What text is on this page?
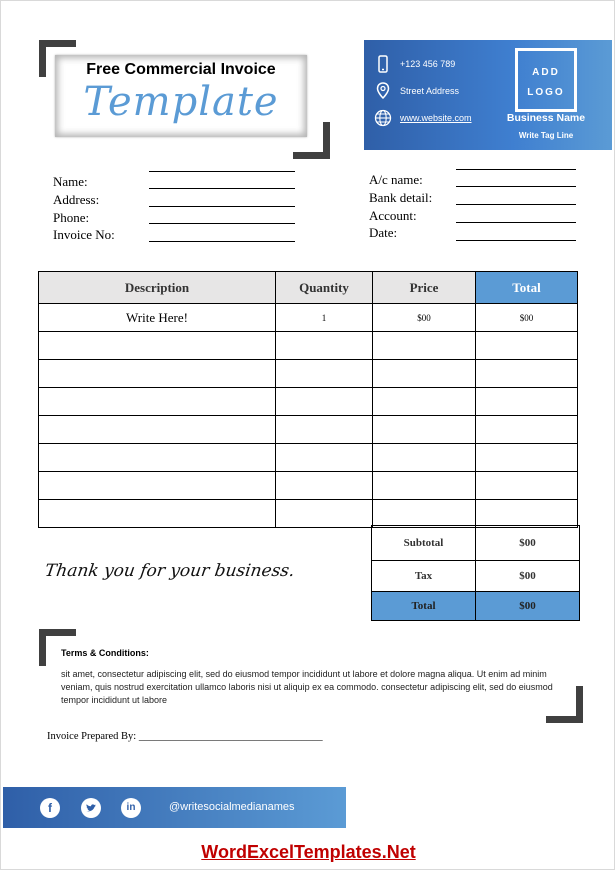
Free Commercial Invoice
Template
+123 456 789
Street Address
www.website.com
ADD
LOGO
Business Name
Write Tag Line
Name:
Address:
Phone:
Invoice No:
A/c name:
Bank detail:
Account:
Date:
Description	Quantity	Price	Total
Write Here!	1	$00	$00

Subtotal	$00
Tax	$00
Total	$00
Thank you for your business.
Terms & Conditions:
sit amet, consectetur adipiscing elit, sed do eiusmod tempor incididunt ut labore et dolore magna aliqua. Ut enim ad minim veniam, quis nostrud exercitation ullamco laboris nisi ut aliquip ex ea commodo. consectetur adipiscing elit, sed do eiusmod tempor incididunt ut labore
Invoice Prepared By: ___________________________________
f	in	@writesocialmedianames
WordExcelTemplates.Net
